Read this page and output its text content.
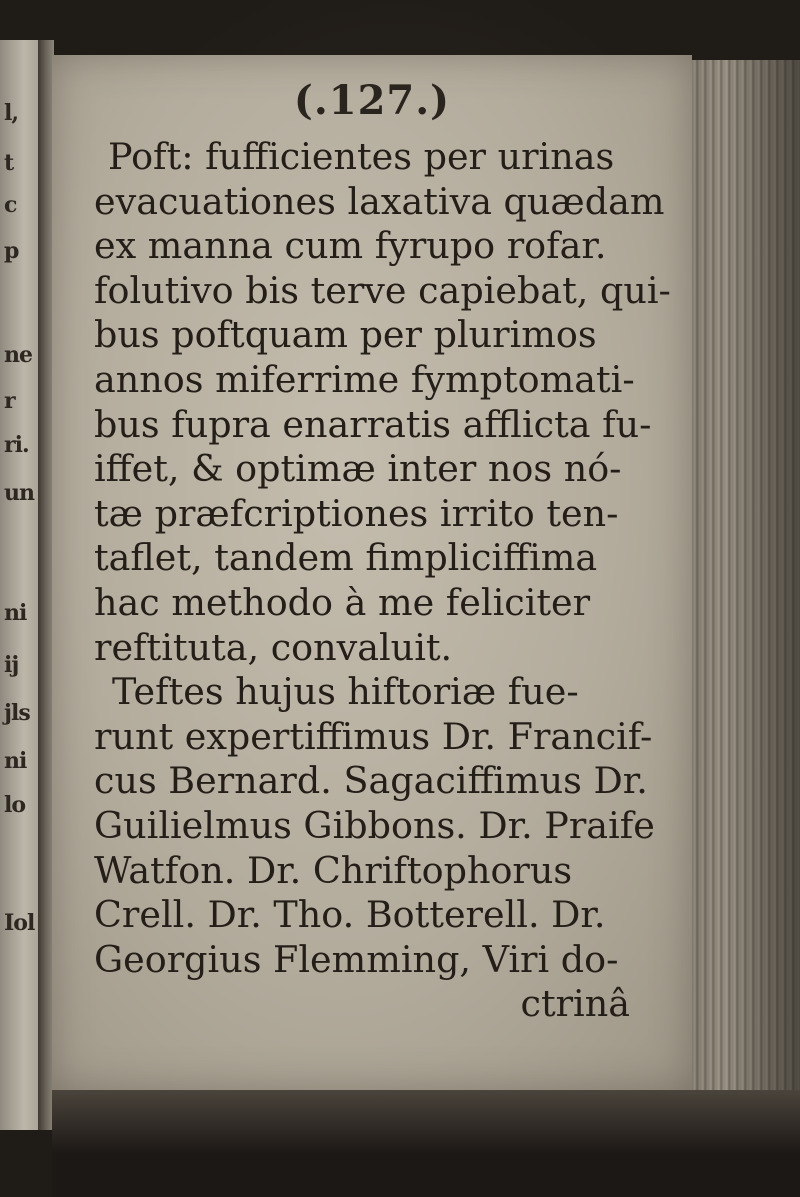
l,
t
c
p
ne
r
ri.
un
ni
ij
jls
ni
lo
Iol
(.127.)
Poft: fufficientes per urinas
evacuationes laxativa quædam
ex manna cum fyrupo rofar.
folutivo bis terve capiebat, qui-
bus poftquam per plurimos
annos miferrime fymptomati-
bus fupra enarratis afflicta fu-
iffet, & optimæ inter nos nó-
tæ præfcriptiones irrito ten-
taflet, tandem fimpliciffima
hac methodo à me feliciter
reftituta, convaluit.
Teftes hujus hiftoriæ fue-
runt expertiffimus Dr. Francif-
cus Bernard. Sagaciffimus Dr.
Guilielmus Gibbons. Dr. Praife
Watfon. Dr. Chriftophorus
Crell. Dr. Tho. Botterell. Dr.
Georgius Flemming, Viri do-
ctrinâ
